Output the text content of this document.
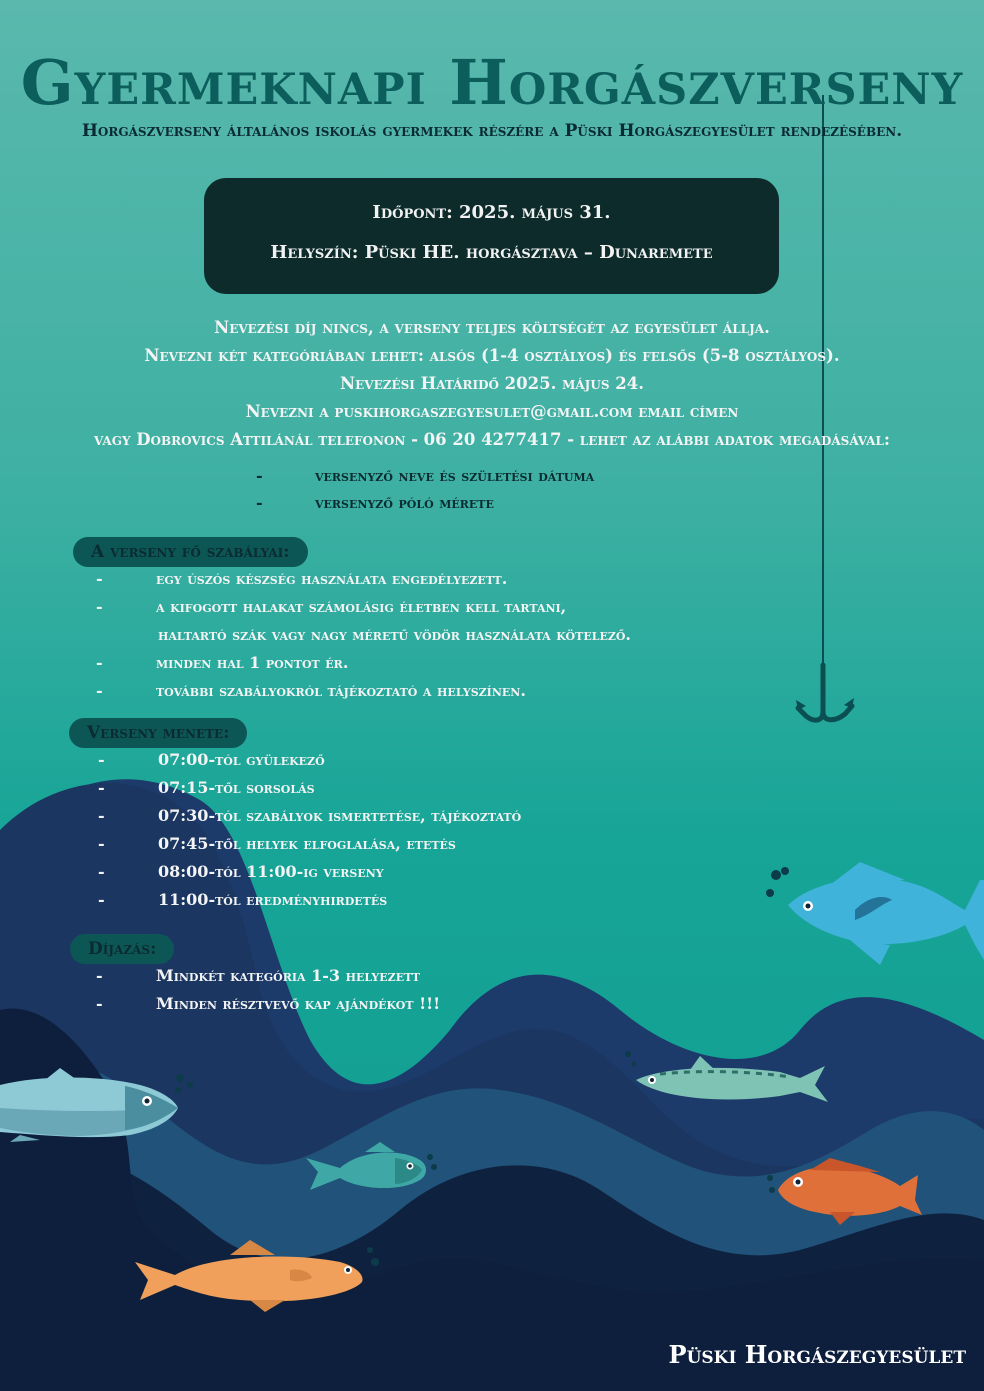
Gyermeknapi Horgászverseny
Horgászverseny általános iskolás gyermekek részére a Püski Horgászegyesület rendezésében.
Időpont: 2025. május 31.
Helyszín: Püski HE. horgásztava – Dunaremete
Nevezési díj nincs, a verseny teljes költségét az egyesület állja.
Nevezni két kategóriában lehet: alsós (1-4 osztályos) és felsős (5-8 osztályos).
Nevezési Határidő 2025. május 24.
Nevezni a puskihorgaszegyesulet@gmail.com email címen
vagy Dobrovics Attilánál telefonon - 06 20 4277417 - lehet az alábbi adatok megadásával:
-	versenyző neve és születési dátuma
-	versenyző póló mérete
A verseny fő szabályai:
-	egy úszós készség használata engedélyezett.
-	a kifogott halakat számolásig életben kell tartani,
haltartó szák vagy nagy méretű vödör használata kötelező.
-	minden hal 1 pontot ér.
-	további szabályokról tájékoztató a helyszínen.
Verseny menete:
-	07:00-tól gyülekező
-	07:15-től sorsolás
-	07:30-tól szabályok ismertetése, tájékoztató
-	07:45-től helyek elfoglalása, etetés
-	08:00-tól 11:00-ig verseny
-	11:00-tól eredményhirdetés
Díjazás:
-	Mindkét kategória 1-3 helyezett
-	Minden résztvevő kap ajándékot !!!
Püski Horgászegyesület
